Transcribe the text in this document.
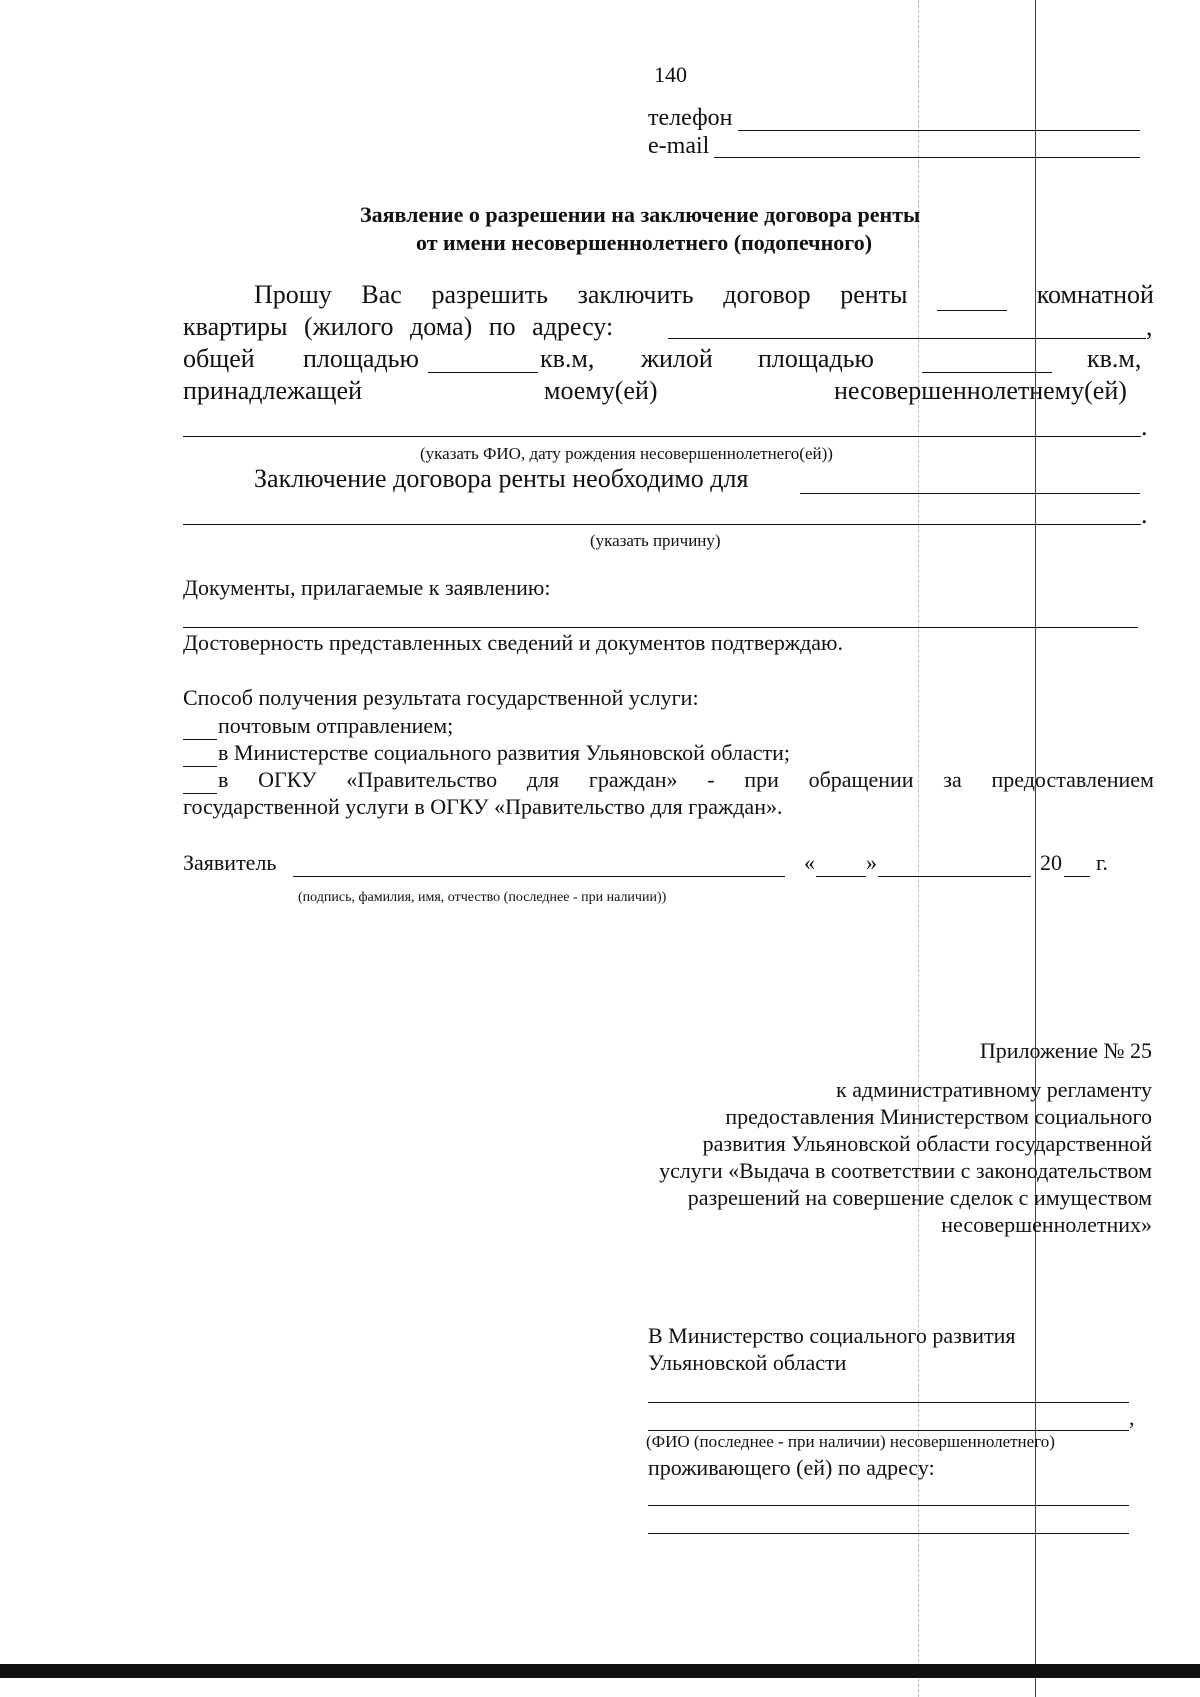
140
телефон
e-mail
Заявление о разрешении на заключение договора ренты
от имени несовершеннолетнего (подопечного)
Прошу Вас разрешить заключить договор ренты
	комнатной
квартиры (жилого дома) по адресу:	,
общей площадью	кв.м, жилой площадью	кв.м,
принадлежащей	моему(ей)	несовершеннолетнему(ей)
.
(указать ФИО, дату рождения несовершеннолетнего(ей))
Заключение договора ренты необходимо для
.
(указать причину)
Документы, прилагаемые к заявлению:
Достоверность представленных сведений и документов подтверждаю.
Способ получения результата государственной услуги:
почтовым отправлением;
в Министерстве социального развития Ульяновской области;
в ОГКУ «Правительство для граждан» - при обращении за предоставлением
государственной услуги в ОГКУ «Правительство для граждан».
Заявитель	« »	20 г.
(подпись, фамилия, имя, отчество (последнее - при наличии))
Приложение № 25
к административному регламенту
предоставления Министерством социального
развития Ульяновской области государственной
услуги «Выдача в соответствии с законодательством
разрешений на совершение сделок с имуществом
несовершеннолетних»
В Министерство социального развития
Ульяновской области
,
(ФИО (последнее - при наличии) несовершеннолетнего)
проживающего (ей) по адресу:
